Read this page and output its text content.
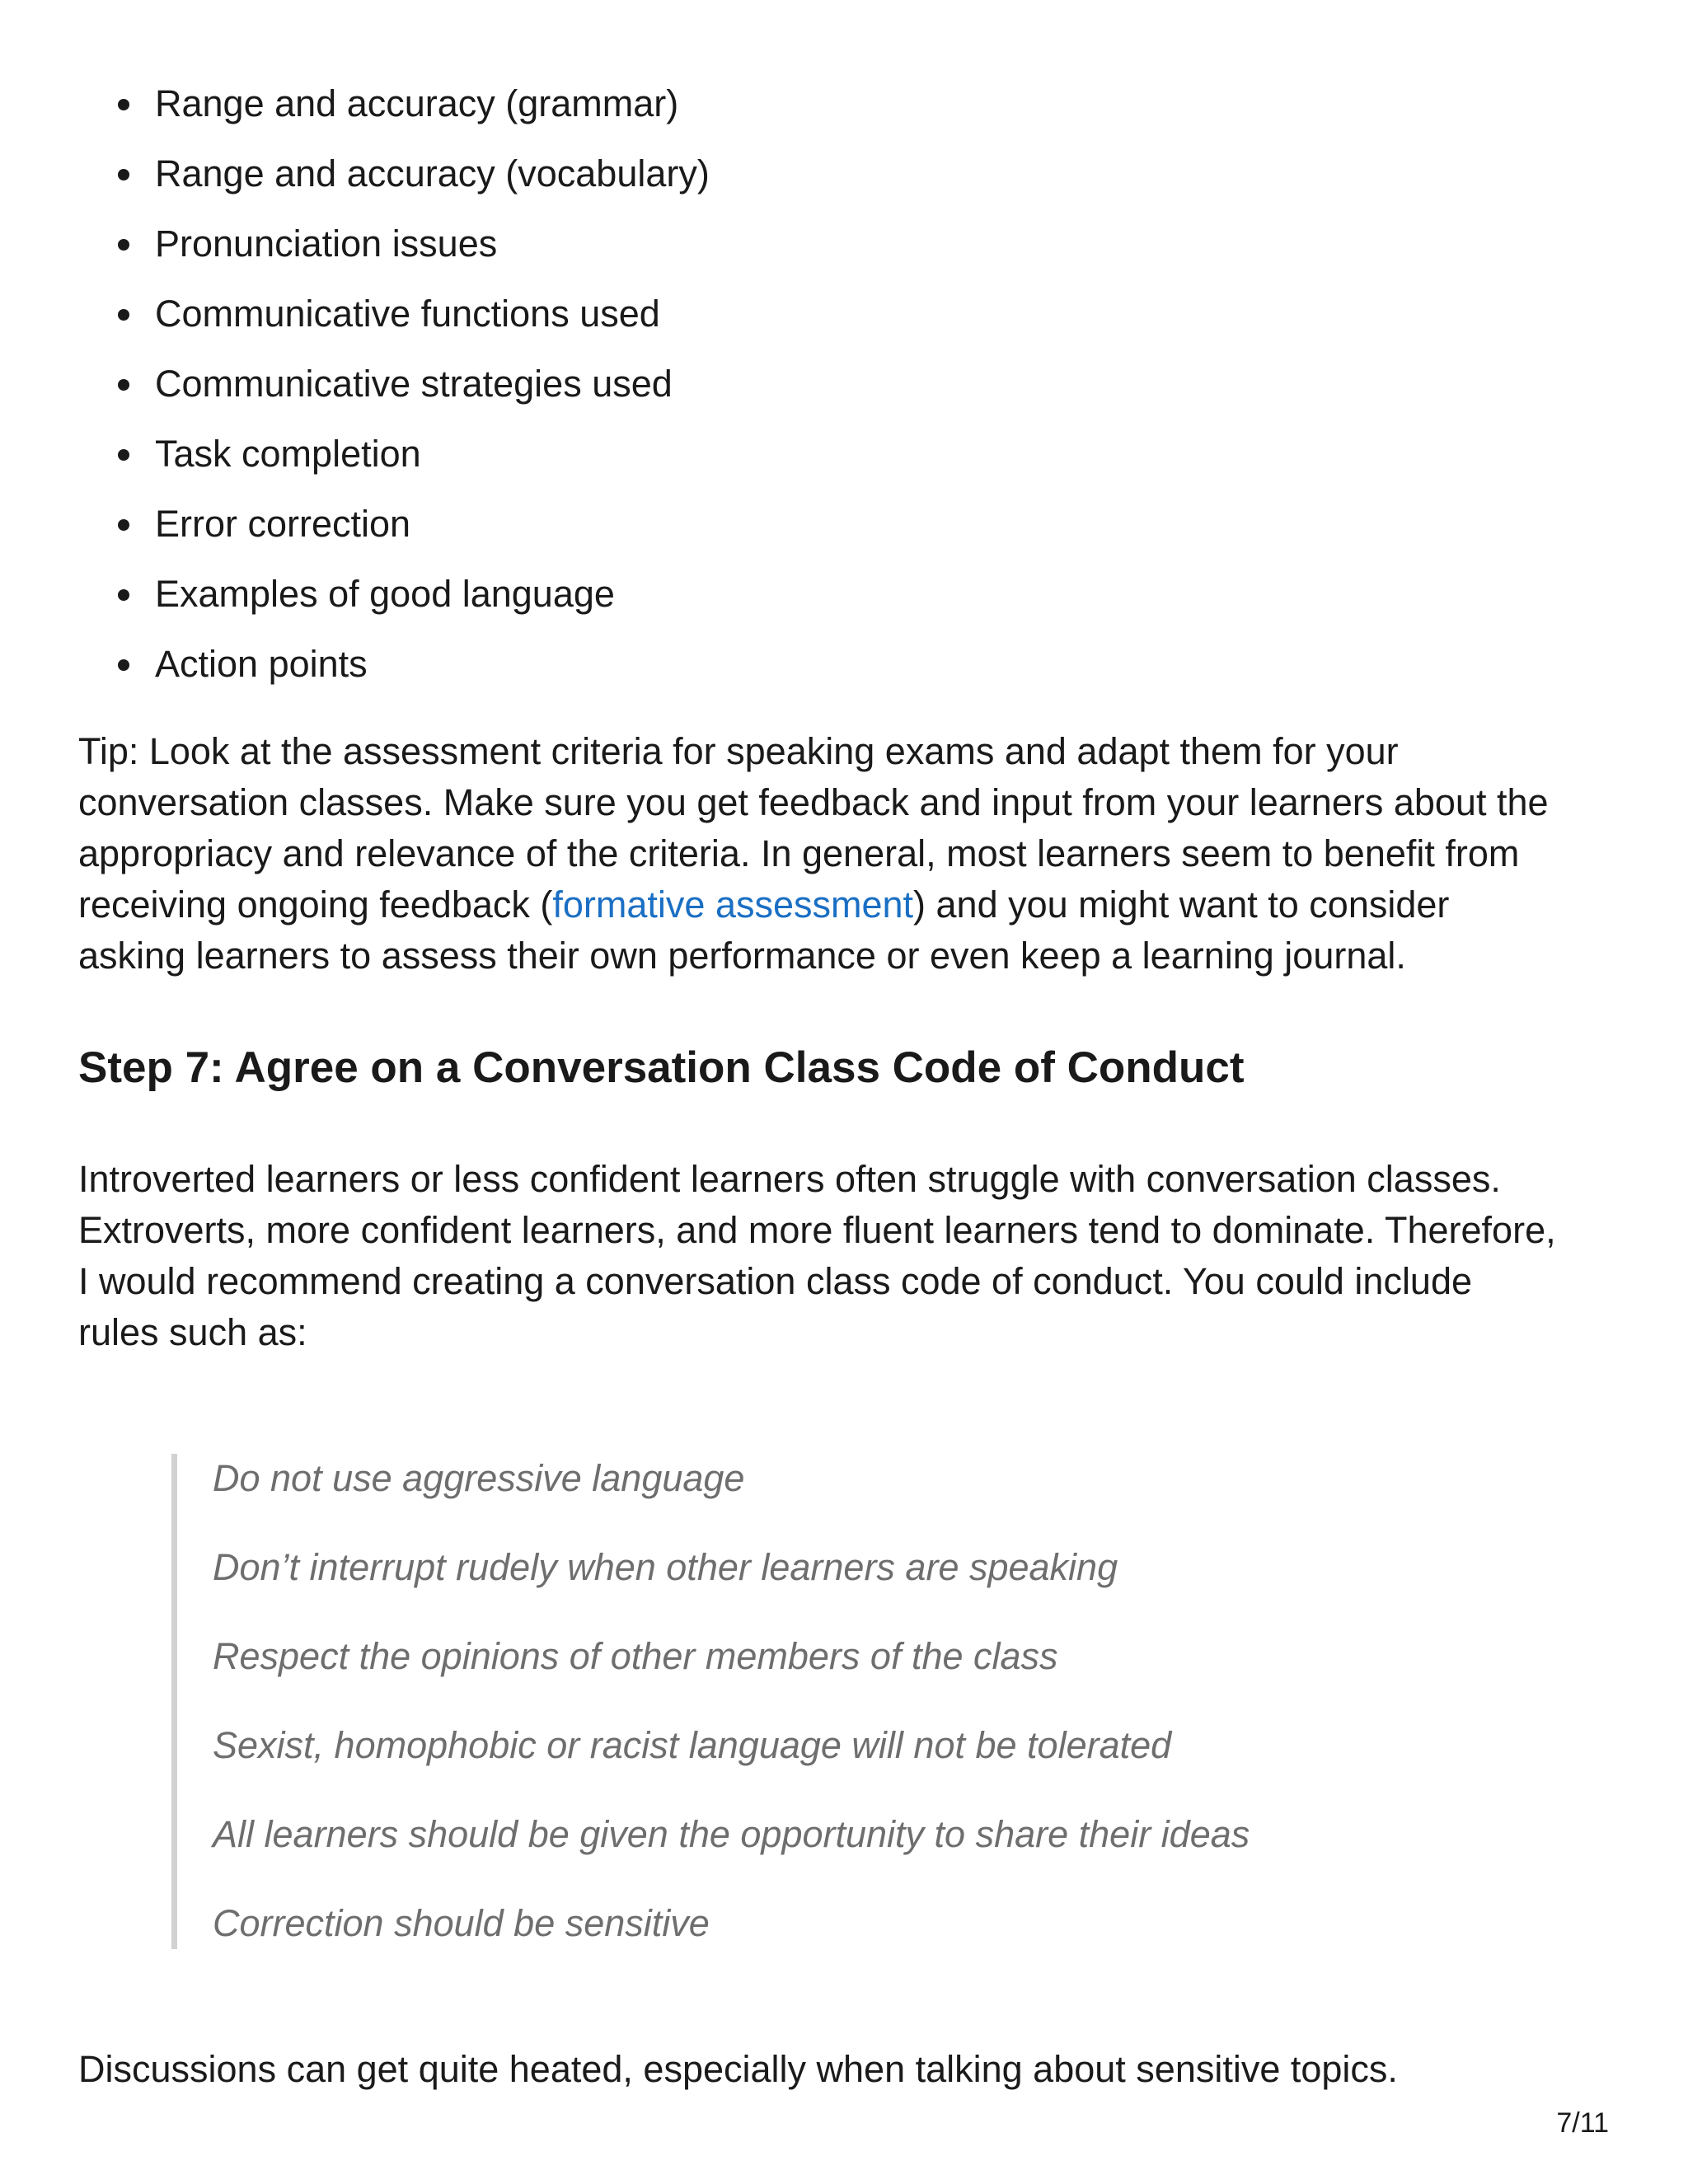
Range and accuracy (grammar)
Range and accuracy (vocabulary)
Pronunciation issues
Communicative functions used
Communicative strategies used
Task completion
Error correction
Examples of good language
Action points

Tip: Look at the assessment criteria for speaking exams and adapt them for your
conversation classes. Make sure you get feedback and input from your learners about the
appropriacy and relevance of the criteria. In general, most learners seem to benefit from
receiving ongoing feedback (formative assessment) and you might want to consider
asking learners to assess their own performance or even keep a learning journal.

Step 7: Agree on a Conversation Class Code of Conduct

Introverted learners or less confident learners often struggle with conversation classes.
Extroverts, more confident learners, and more fluent learners tend to dominate. Therefore,
I would recommend creating a conversation class code of conduct. You could include
rules such as:

Do not use aggressive language
Don’t interrupt rudely when other learners are speaking
Respect the opinions of other members of the class
Sexist, homophobic or racist language will not be tolerated
All learners should be given the opportunity to share their ideas
Correction should be sensitive

Discussions can get quite heated, especially when talking about sensitive topics.

7/11
